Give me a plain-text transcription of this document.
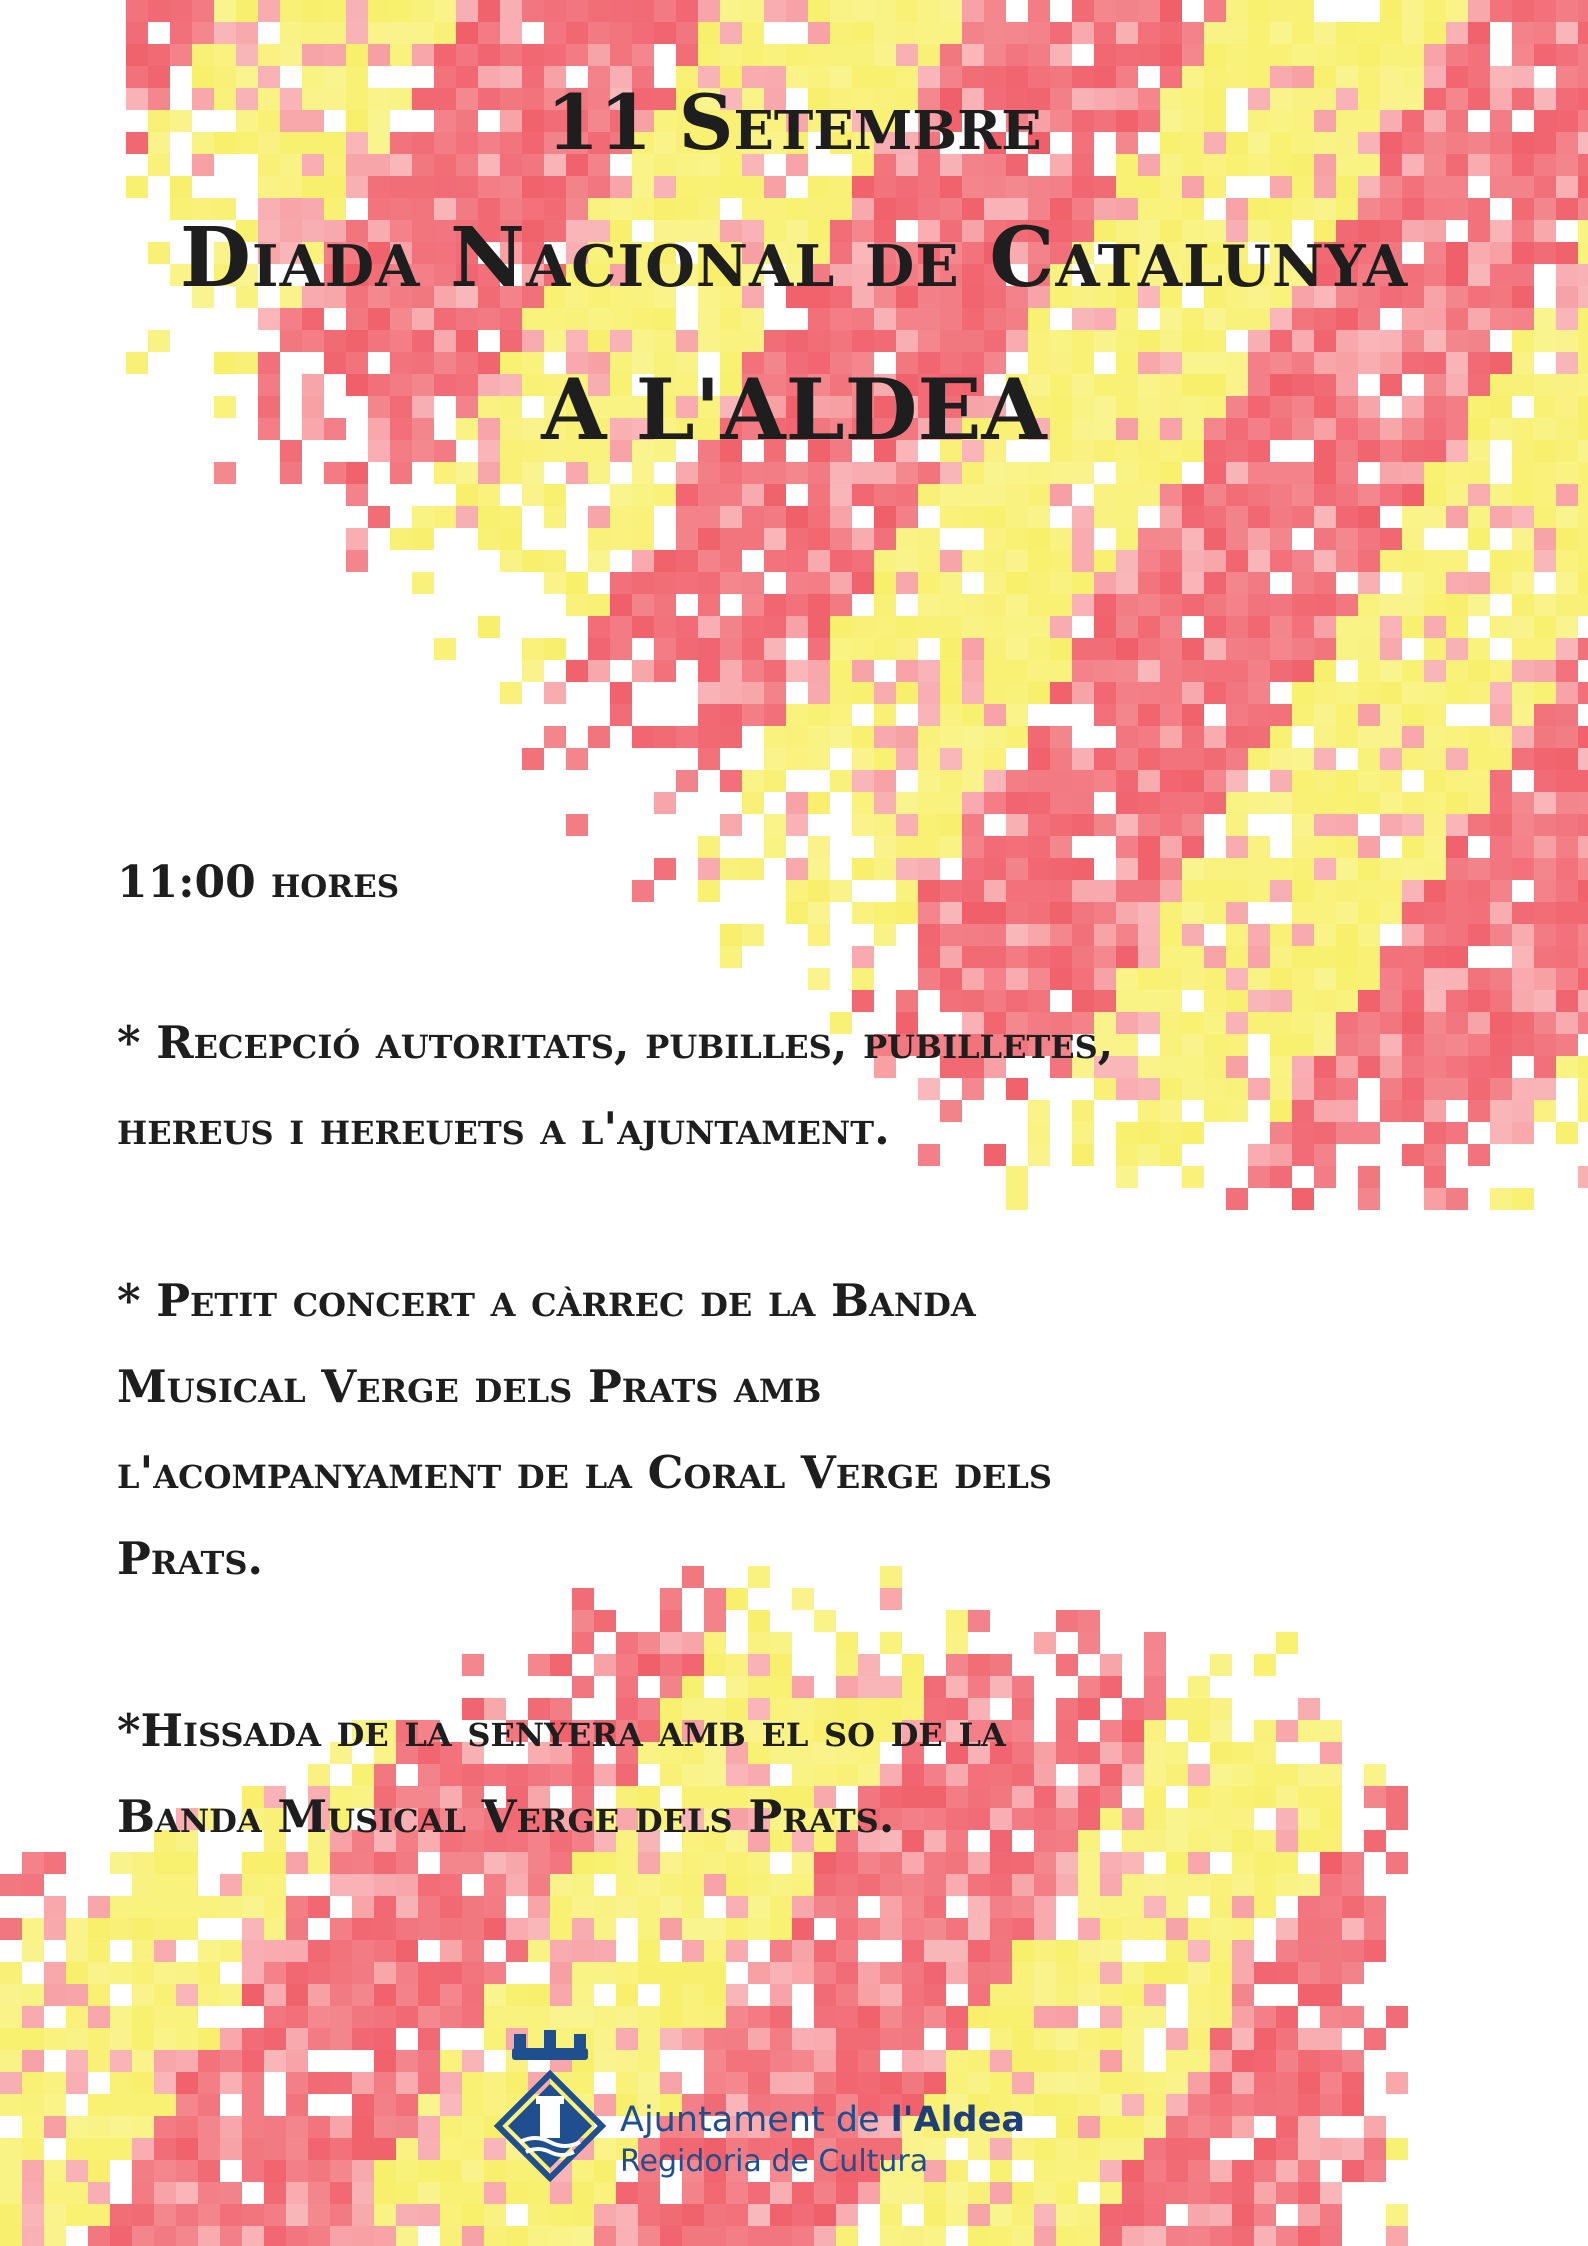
11 Setembre
Diada Nacional de Catalunya
A L'ALDEA
11:00 hores
* Recepció autoritats, pubilles, pubilletes,
hereus i hereuets a l'ajuntament.
* Petit concert a càrrec de la Banda
Musical Verge dels Prats amb
l'acompanyament de la Coral Verge dels
Prats.
*Hissada de la senyera amb el so de la
Banda Musical Verge dels Prats.
Ajuntament de l'Aldea
Regidoria de Cultura
